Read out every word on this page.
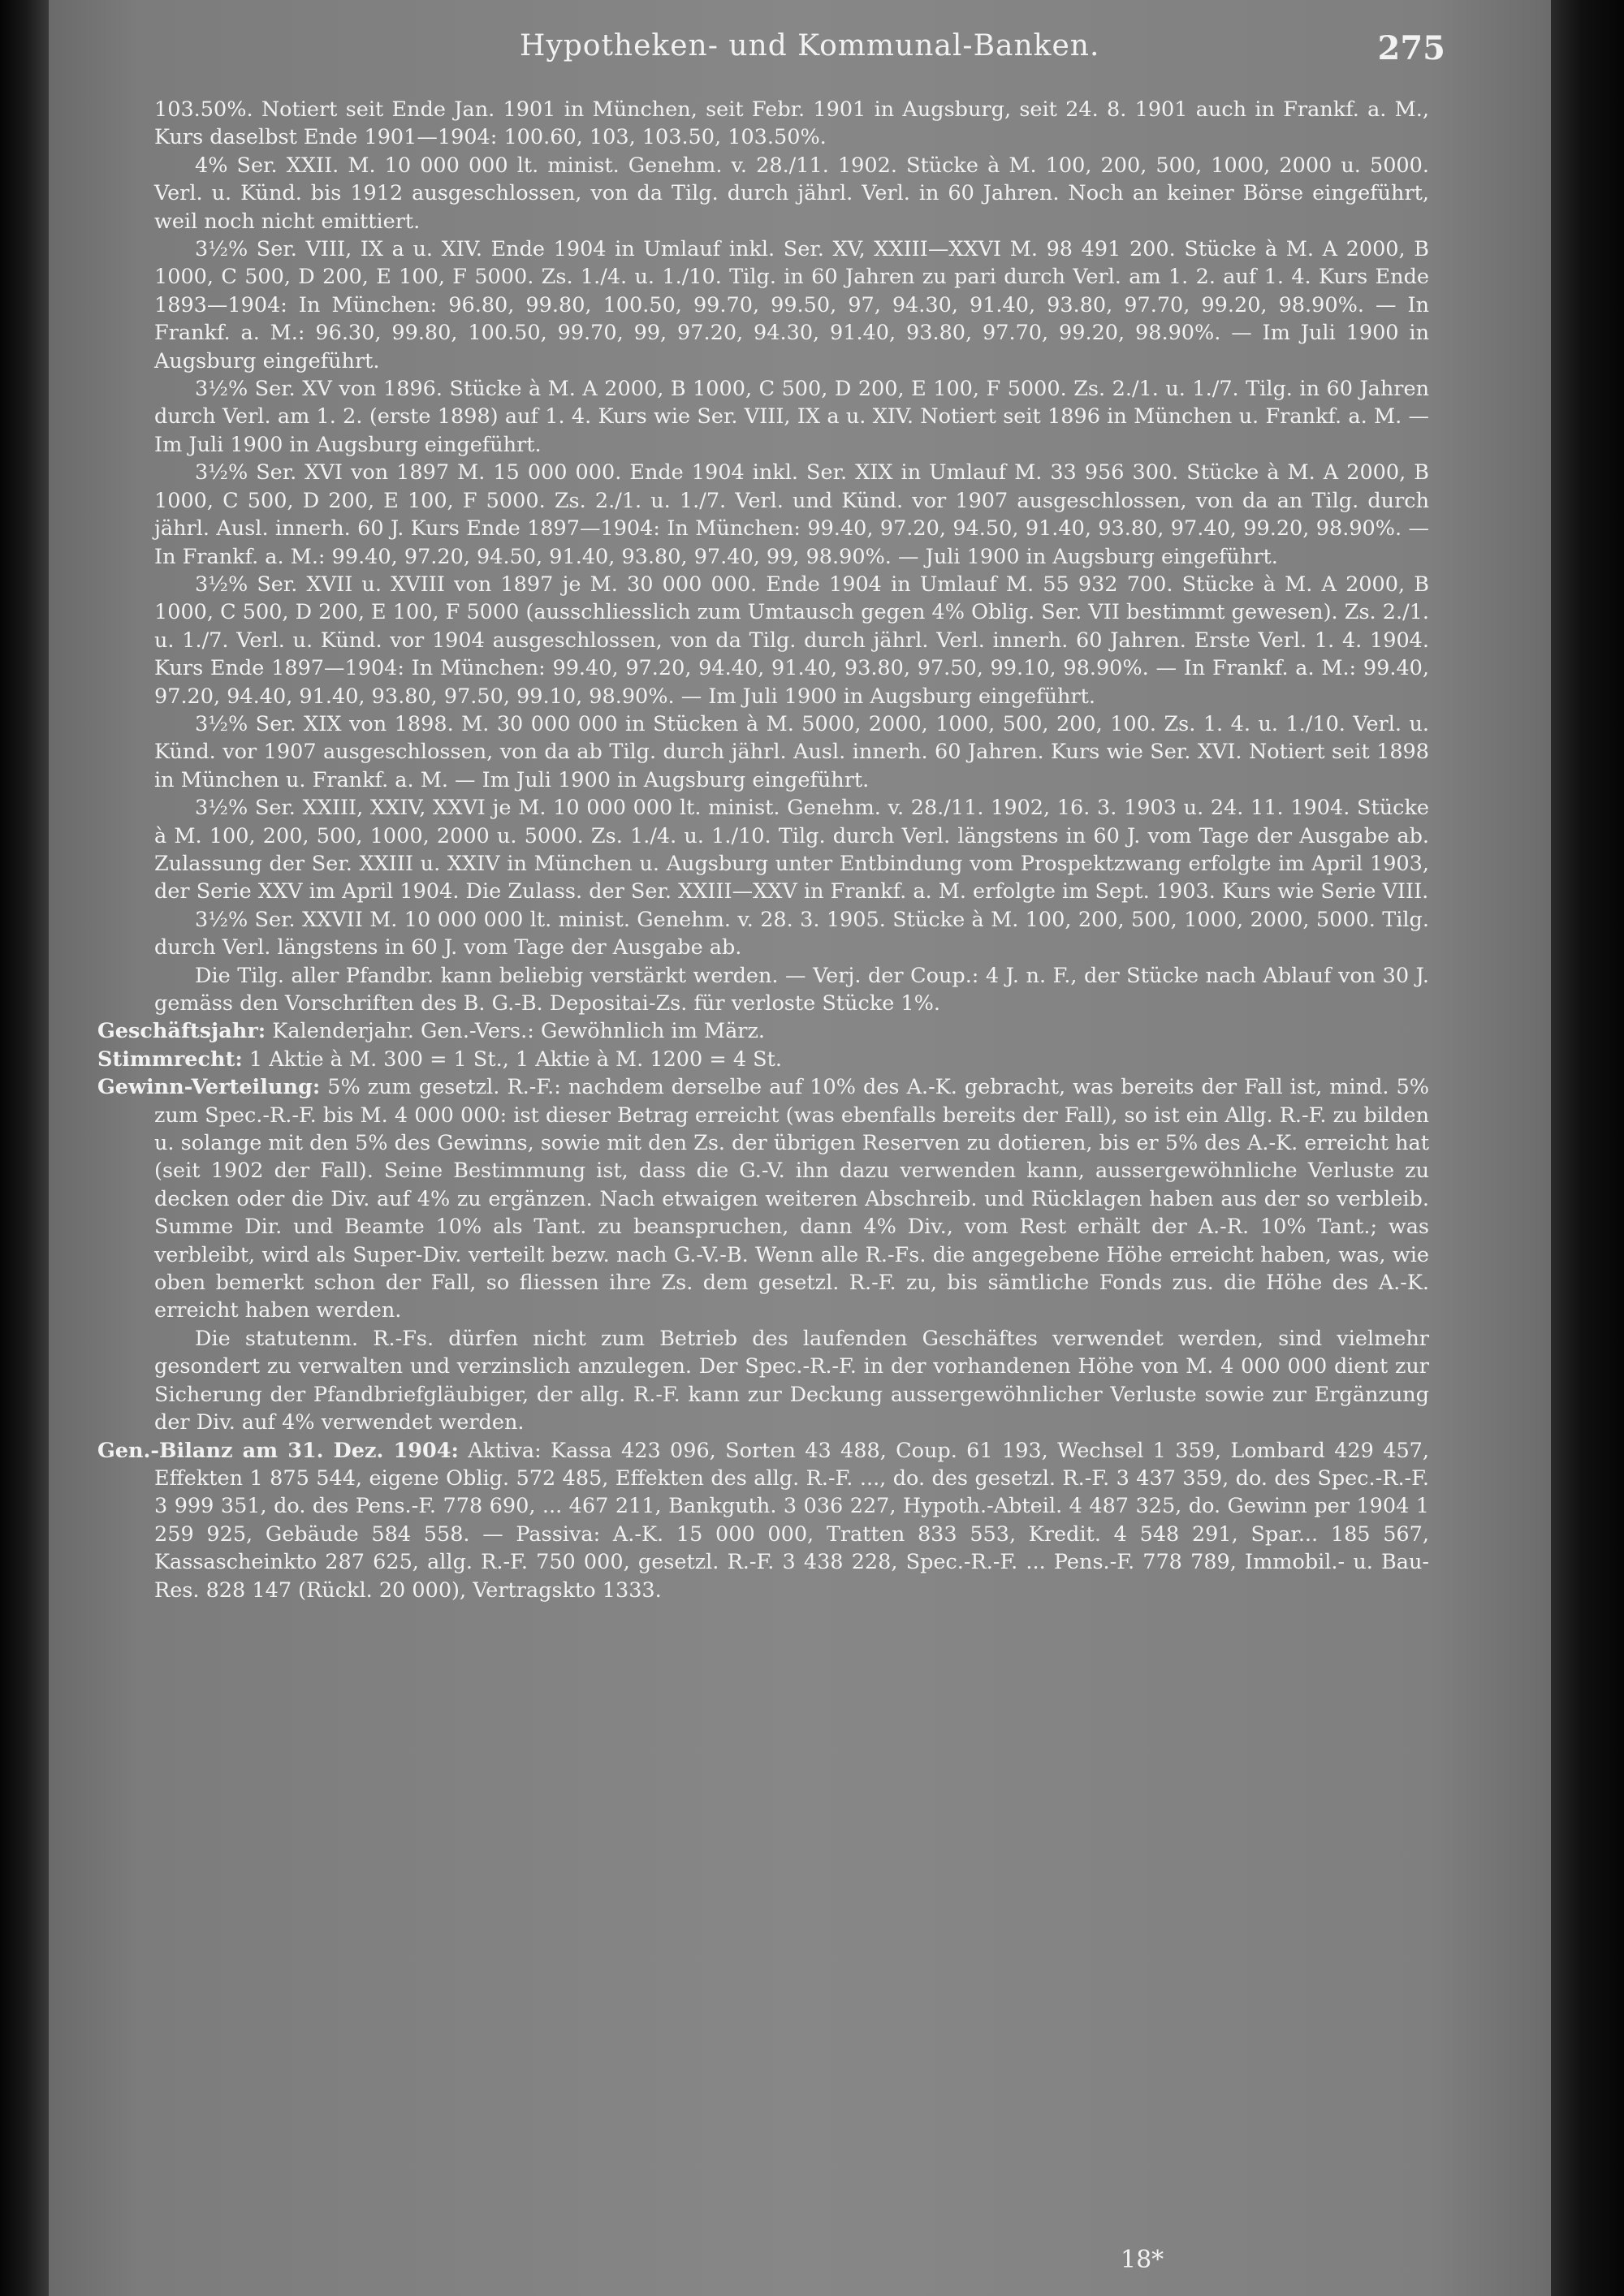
Hypotheken- und Kommunal-Banken.	275

103.50%. Notiert seit Ende Jan. 1901 in München, seit Febr. 1901 in Augsburg, seit 24. 8. 1901 auch in Frankf. a. M., Kurs daselbst Ende 1901—1904: 100.60, 103, 103.50, 103.50%.

4% Ser. XXII. M. 10 000 000 lt. minist. Genehm. v. 28./11. 1902. Stücke à M. 100, 200, 500, 1000, 2000 u. 5000. Verl. u. Künd. bis 1912 ausgeschlossen, von da Tilg. durch jährl. Verl. in 60 Jahren. Noch an keiner Börse eingeführt, weil noch nicht emittiert.

3½% Ser. VIII, IX a u. XIV. Ende 1904 in Umlauf inkl. Ser. XV, XXIII—XXVI M. 98 491 200. Stücke à M. A 2000, B 1000, C 500, D 200, E 100, F 5000. Zs. 1./4. u. 1./10. Tilg. in 60 Jahren zu pari durch Verl. am 1. 2. auf 1. 4. Kurs Ende 1893—1904: In München: 96.80, 99.80, 100.50, 99.70, 99.50, 97, 94.30, 91.40, 93.80, 97.70, 99.20, 98.90%. — In Frankf. a. M.: 96.30, 99.80, 100.50, 99.70, 99, 97.20, 94.30, 91.40, 93.80, 97.70, 99.20, 98.90%. — Im Juli 1900 in Augsburg eingeführt.

3½% Ser. XV von 1896. Stücke à M. A 2000, B 1000, C 500, D 200, E 100, F 5000. Zs. 2./1. u. 1./7. Tilg. in 60 Jahren durch Verl. am 1. 2. (erste 1898) auf 1. 4. Kurs wie Ser. VIII, IX a u. XIV. Notiert seit 1896 in München u. Frankf. a. M. — Im Juli 1900 in Augsburg eingeführt.

3½% Ser. XVI von 1897 M. 15 000 000. Ende 1904 inkl. Ser. XIX in Umlauf M. 33 956 300. Stücke à M. A 2000, B 1000, C 500, D 200, E 100, F 5000. Zs. 2./1. u. 1./7. Verl. und Künd. vor 1907 ausgeschlossen, von da an Tilg. durch jährl. Ausl. innerh. 60 J. Kurs Ende 1897—1904: In München: 99.40, 97.20, 94.50, 91.40, 93.80, 97.40, 99.20, 98.90%. — In Frankf. a. M.: 99.40, 97.20, 94.50, 91.40, 93.80, 97.40, 99, 98.90%. — Juli 1900 in Augsburg eingeführt.

3½% Ser. XVII u. XVIII von 1897 je M. 30 000 000. Ende 1904 in Umlauf M. 55 932 700. Stücke à M. A 2000, B 1000, C 500, D 200, E 100, F 5000 (ausschliesslich zum Umtausch gegen 4% Oblig. Ser. VII bestimmt gewesen). Zs. 2./1. u. 1./7. Verl. u. Künd. vor 1904 ausgeschlossen, von da Tilg. durch jährl. Verl. innerh. 60 Jahren. Erste Verl. 1. 4. 1904. Kurs Ende 1897—1904: In München: 99.40, 97.20, 94.40, 91.40, 93.80, 97.50, 99.10, 98.90%. — In Frankf. a. M.: 99.40, 97.20, 94.40, 91.40, 93.80, 97.50, 99.10, 98.90%. — Im Juli 1900 in Augsburg eingeführt.

3½% Ser. XIX von 1898. M. 30 000 000 in Stücken à M. 5000, 2000, 1000, 500, 200, 100. Zs. 1. 4. u. 1./10. Verl. u. Künd. vor 1907 ausgeschlossen, von da ab Tilg. durch jährl. Ausl. innerh. 60 Jahren. Kurs wie Ser. XVI. Notiert seit 1898 in München u. Frankf. a. M. — Im Juli 1900 in Augsburg eingeführt.

3½% Ser. XXIII, XXIV, XXVI je M. 10 000 000 lt. minist. Genehm. v. 28./11. 1902, 16. 3. 1903 u. 24. 11. 1904. Stücke à M. 100, 200, 500, 1000, 2000 u. 5000. Zs. 1./4. u. 1./10. Tilg. durch Verl. längstens in 60 J. vom Tage der Ausgabe ab. Zulassung der Ser. XXIII u. XXIV in München u. Augsburg unter Entbindung vom Prospektzwang erfolgte im April 1903, der Serie XXV im April 1904. Die Zulass. der Ser. XXIII—XXV in Frankf. a. M. erfolgte im Sept. 1903. Kurs wie Serie VIII.

3½% Ser. XXVII M. 10 000 000 lt. minist. Genehm. v. 28. 3. 1905. Stücke à M. 100, 200, 500, 1000, 2000, 5000. Tilg. durch Verl. längstens in 60 J. vom Tage der Ausgabe ab.

Die Tilg. aller Pfandbr. kann beliebig verstärkt werden. — Verj. der Coup.: 4 J. n. F., der Stücke nach Ablauf von 30 J. gemäss den Vorschriften des B. G.-B. Depositai-Zs. für verloste Stücke 1%.

Geschäftsjahr: Kalenderjahr. Gen.-Vers.: Gewöhnlich im März.

Stimmrecht: 1 Aktie à M. 300 = 1 St., 1 Aktie à M. 1200 = 4 St.

Gewinn-Verteilung: 5% zum gesetzl. R.-F.: nachdem derselbe auf 10% des A.-K. gebracht, was bereits der Fall ist, mind. 5% zum Spec.-R.-F. bis M. 4 000 000: ist dieser Betrag erreicht (was ebenfalls bereits der Fall), so ist ein Allg. R.-F. zu bilden u. solange mit den 5% des Gewinns, sowie mit den Zs. der übrigen Reserven zu dotieren, bis er 5% des A.-K. erreicht hat (seit 1902 der Fall). Seine Bestimmung ist, dass die G.-V. ihn dazu verwenden kann, aussergewöhnliche Verluste zu decken oder die Div. auf 4% zu ergänzen. Nach etwaigen weiteren Abschreib. und Rücklagen haben aus der so verbleib. Summe Dir. und Beamte 10% als Tant. zu beanspruchen, dann 4% Div., vom Rest erhält der A.-R. 10% Tant.; was verbleibt, wird als Super-Div. verteilt bezw. nach G.-V.-B. Wenn alle R.-Fs. die angegebene Höhe erreicht haben, was, wie oben bemerkt schon der Fall, so fliessen ihre Zs. dem gesetzl. R.-F. zu, bis sämtliche Fonds zus. die Höhe des A.-K. erreicht haben werden.

Die statutenm. R.-Fs. dürfen nicht zum Betrieb des laufenden Geschäftes verwendet werden, sind vielmehr gesondert zu verwalten und verzinslich anzulegen. Der Spec.-R.-F. in der vorhandenen Höhe von M. 4 000 000 dient zur Sicherung der Pfandbriefgläubiger, der allg. R.-F. kann zur Deckung aussergewöhnlicher Verluste sowie zur Ergänzung der Div. auf 4% verwendet werden.

Gen.-Bilanz am 31. Dez. 1904: Aktiva: Kassa 423 096, Sorten 43 488, Coup. 61 193, Wechsel 1 359, Lombard 429 457, Effekten 1 875 544, eigene Oblig. 572 485, Effekten des allg. R.-F. ..., do. des gesetzl. R.-F. 3 437 359, do. des Spec.-R.-F. 3 999 351, do. des Pens.-F. 778 690, ... 467 211, Bankguth. 3 036 227, Hypoth.-Abteil. 4 487 325, do. Gewinn per 1904 1 259 925, Gebäude 584 558. — Passiva: A.-K. 15 000 000, Tratten 833 553, Kredit. 4 548 291, Spar... 185 567, Kassascheinkto 287 625, allg. R.-F. 750 000, gesetzl. R.-F. 3 438 228, Spec.-R.-F. ... Pens.-F. 778 789, Immobil.- u. Bau-Res. 828 147 (Rückl. 20 000), Vertragskto 1333.

18*
